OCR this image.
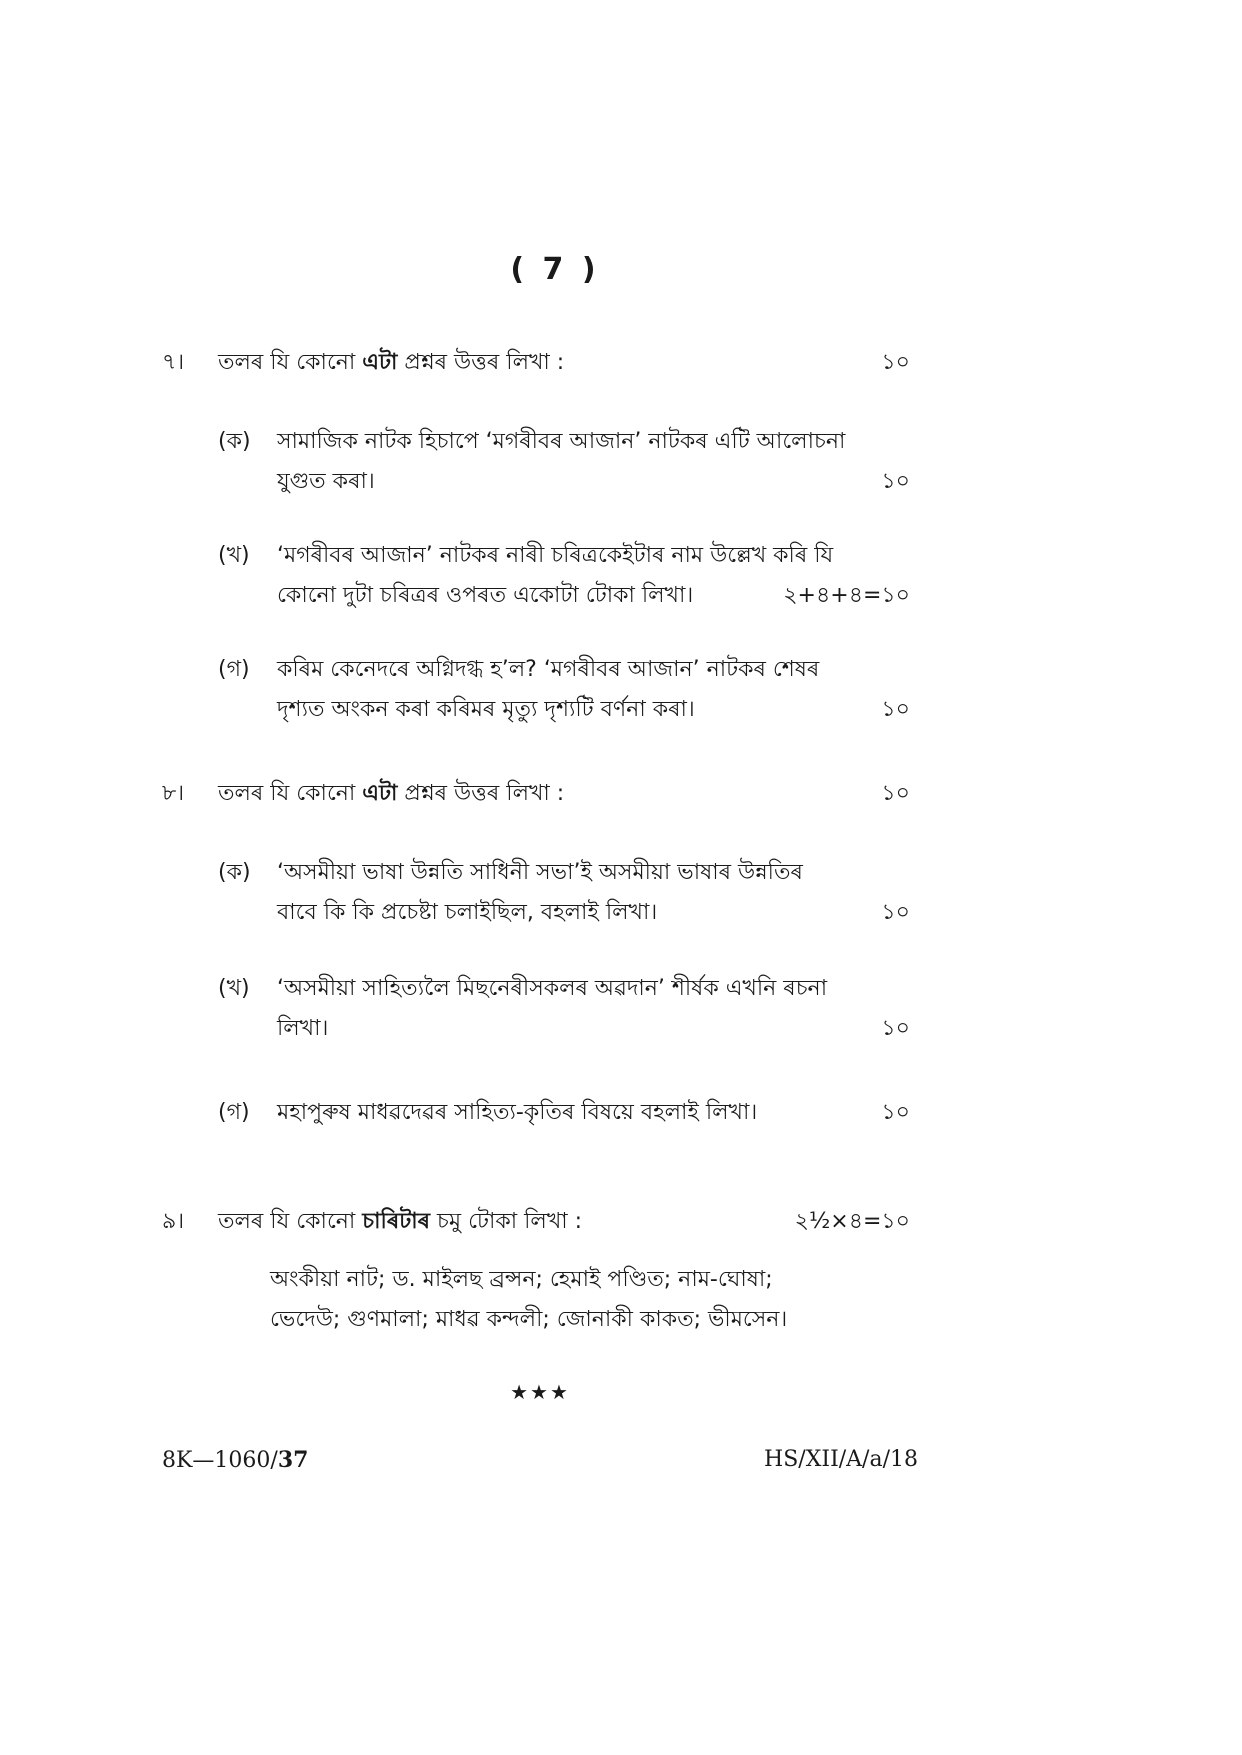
( 7 )
৭। তলৰ যি কোনো এটা প্ৰশ্নৰ উত্তৰ লিখা :	১০
(ক) সামাজিক নাটক হিচাপে ‘মগৰীবৰ আজান’ নাটকৰ এটি আলোচনা
যুগুত কৰা।	১০
(খ) ‘মগৰীবৰ আজান’ নাটকৰ নাৰী চৰিত্ৰকেইটাৰ নাম উল্লেখ কৰি যি
কোনো দুটা চৰিত্ৰৰ ওপৰত একোটা টোকা লিখা।	২+৪+৪=১০
(গ) কৰিম কেনেদৰে অগ্নিদগ্ধ হ’ল? ‘মগৰীবৰ আজান’ নাটকৰ শেষৰ
দৃশ্যত অংকন কৰা কৰিমৰ মৃত্যু দৃশ্যটি বৰ্ণনা কৰা।	১০
৮। তলৰ যি কোনো এটা প্ৰশ্নৰ উত্তৰ লিখা :	১০
(ক) ‘অসমীয়া ভাষা উন্নতি সাধিনী সভা’ই অসমীয়া ভাষাৰ উন্নতিৰ
বাবে কি কি প্ৰচেষ্টা চলাইছিল, বহলাই লিখা।	১০
(খ) ‘অসমীয়া সাহিত্যলৈ মিছনেৰীসকলৰ অৱদান’ শীৰ্ষক এখনি ৰচনা
লিখা।	১০
(গ) মহাপুৰুষ মাধৱদেৱৰ সাহিত্য-কৃতিৰ বিষয়ে বহলাই লিখা।	১০
৯। তলৰ যি কোনো চাৰিটাৰ চমু টোকা লিখা :	২½×৪=১০
অংকীয়া নাট; ড. মাইলছ ব্ৰন্সন; হেমাই পণ্ডিত; নাম-ঘোষা;
ভেদেউ; গুণমালা; মাধৱ কন্দলী; জোনাকী কাকত; ভীমসেন।
★★★
8K—1060/37	HS/XII/A/a/18
